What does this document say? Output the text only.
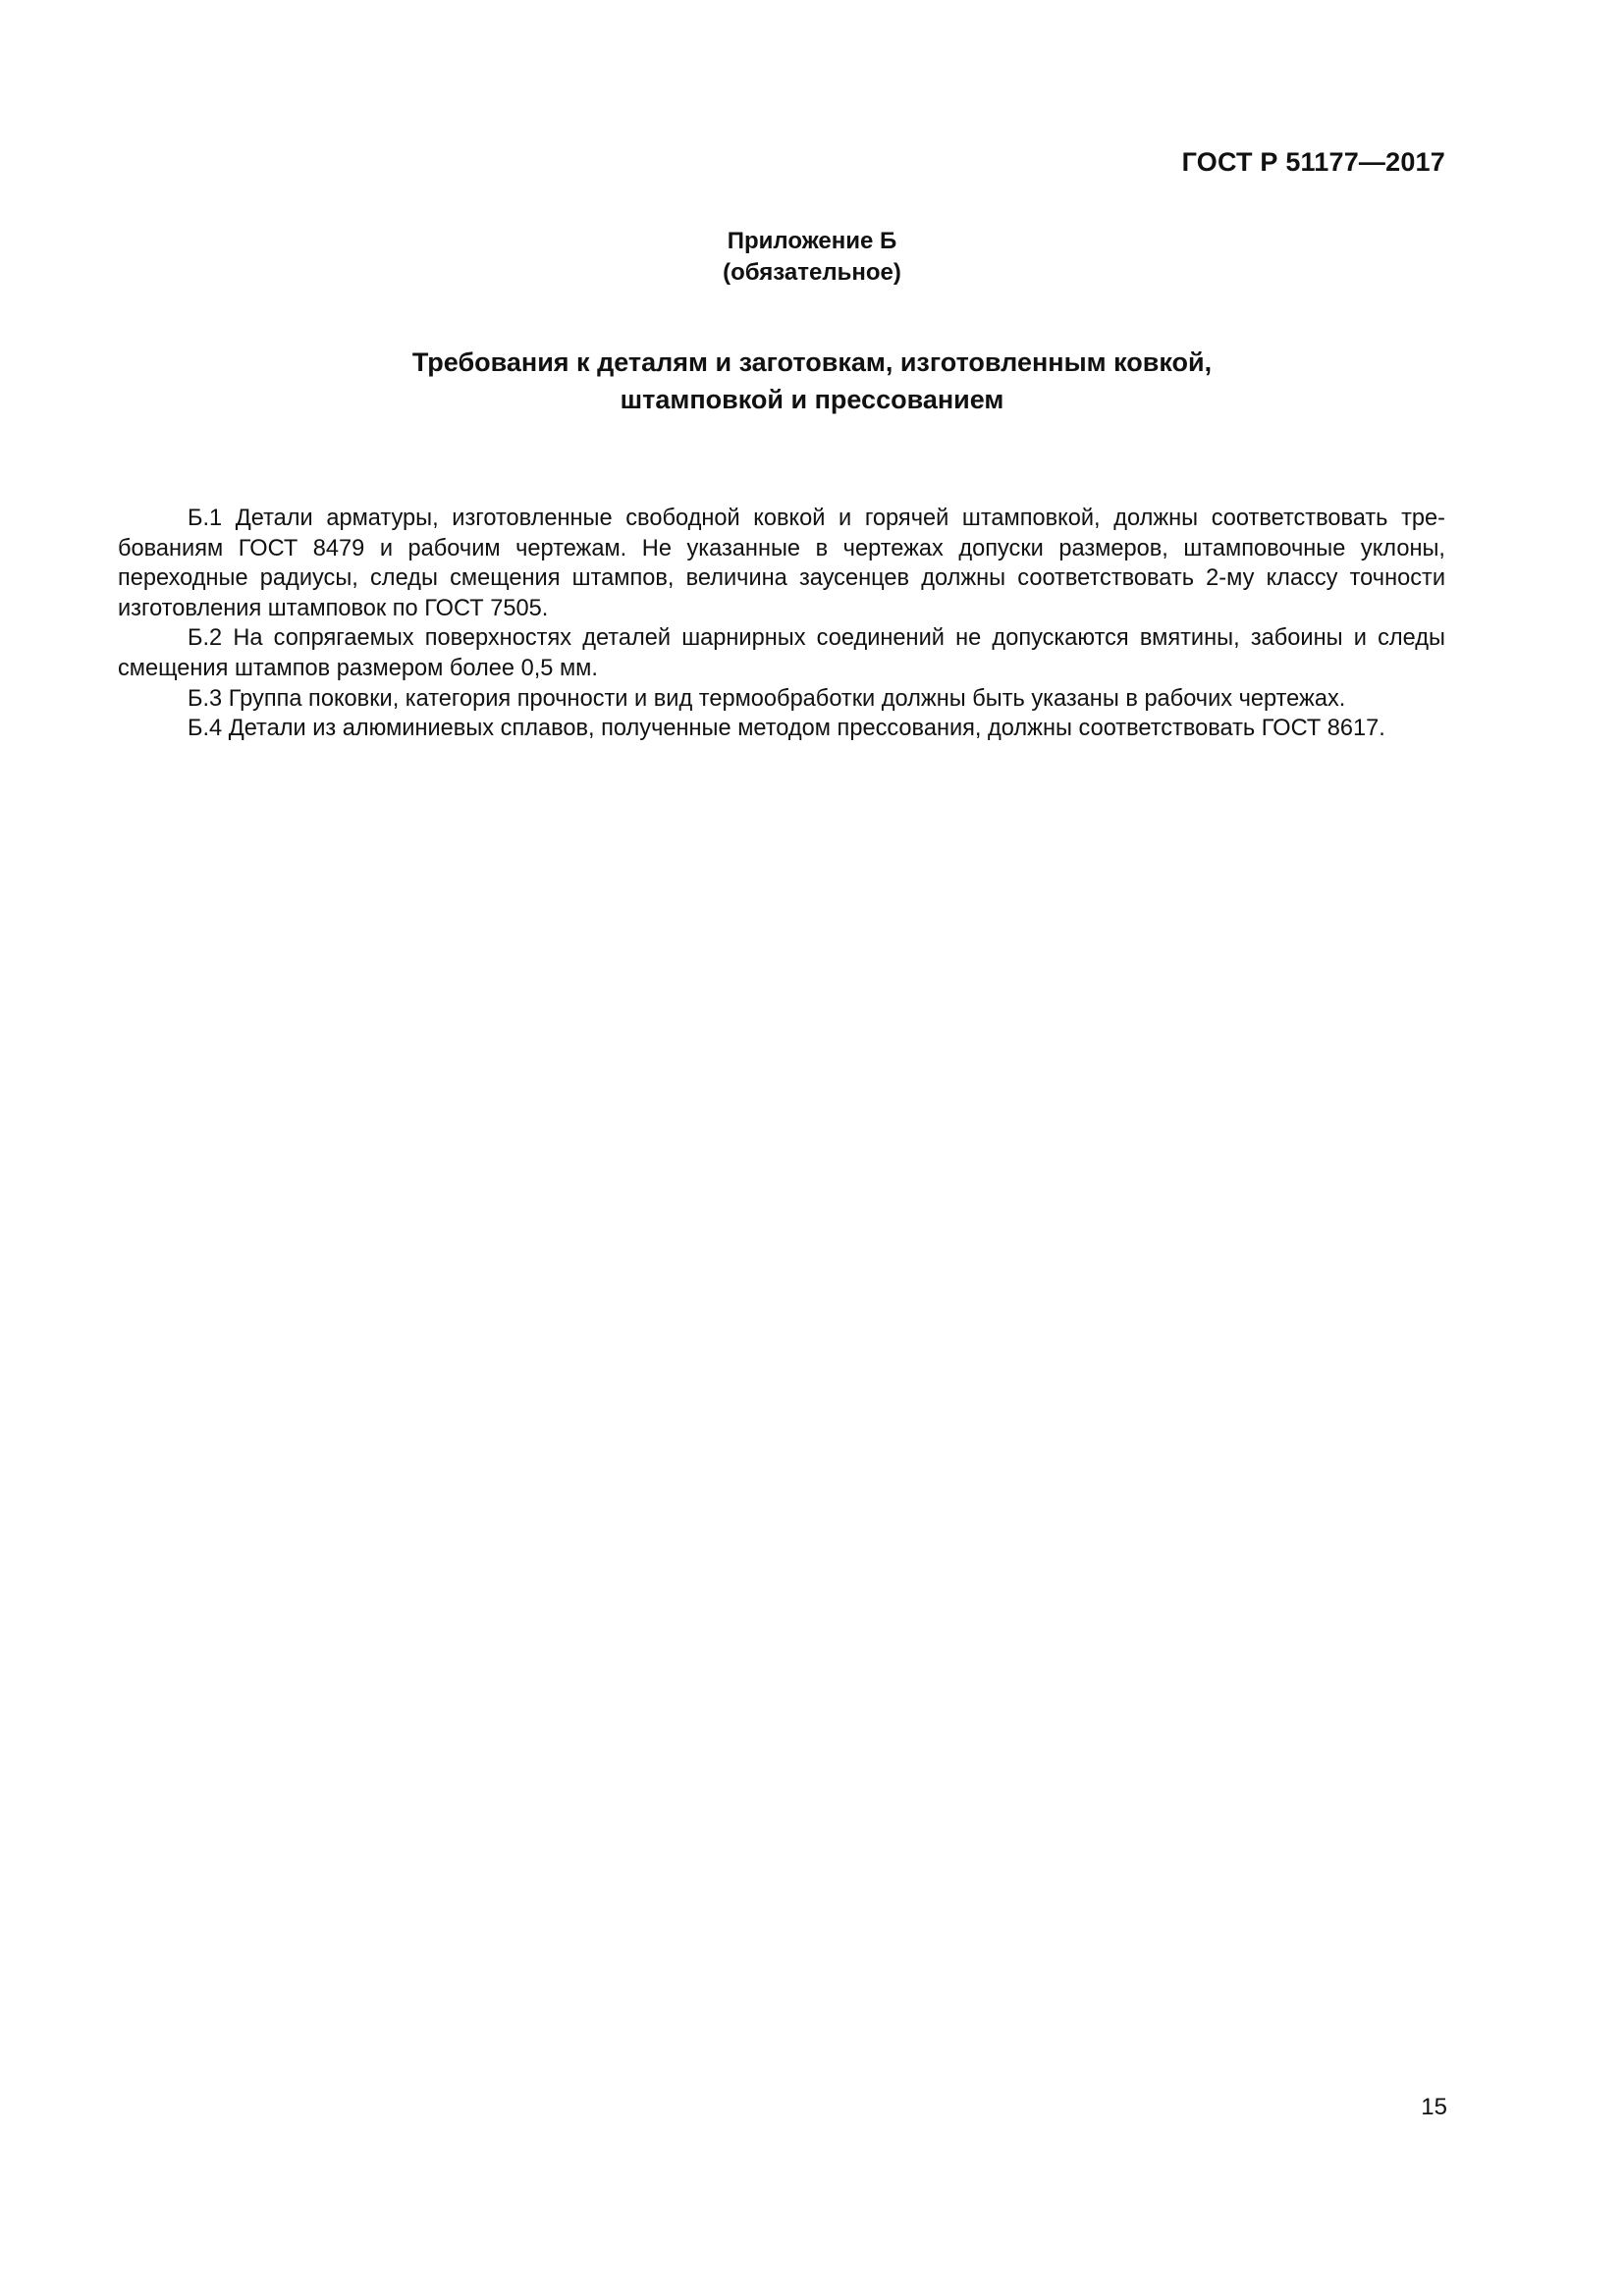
ГОСТ Р 51177—2017
Приложение Б
(обязательное)
Требования к деталям и заготовкам, изготовленным ковкой,
штамповкой и прессованием

Б.1 Детали арматуры, изготовленные свободной ковкой и горячей штамповкой, должны соответствовать требованиям ГОСТ 8479 и рабочим чертежам. Не указанные в чертежах допуски размеров, штамповочные уклоны, переходные радиусы, следы смещения штампов, величина заусенцев должны соответствовать 2-му классу точности изготовления штамповок по ГОСТ 7505.

Б.2 На сопрягаемых поверхностях деталей шарнирных соединений не допускаются вмятины, забоины и следы смещения штампов размером более 0,5 мм.

Б.3 Группа поковки, категория прочности и вид термообработки должны быть указаны в рабочих чертежах.

Б.4 Детали из алюминиевых сплавов, полученные методом прессования, должны соответствовать ГОСТ 8617.

15
